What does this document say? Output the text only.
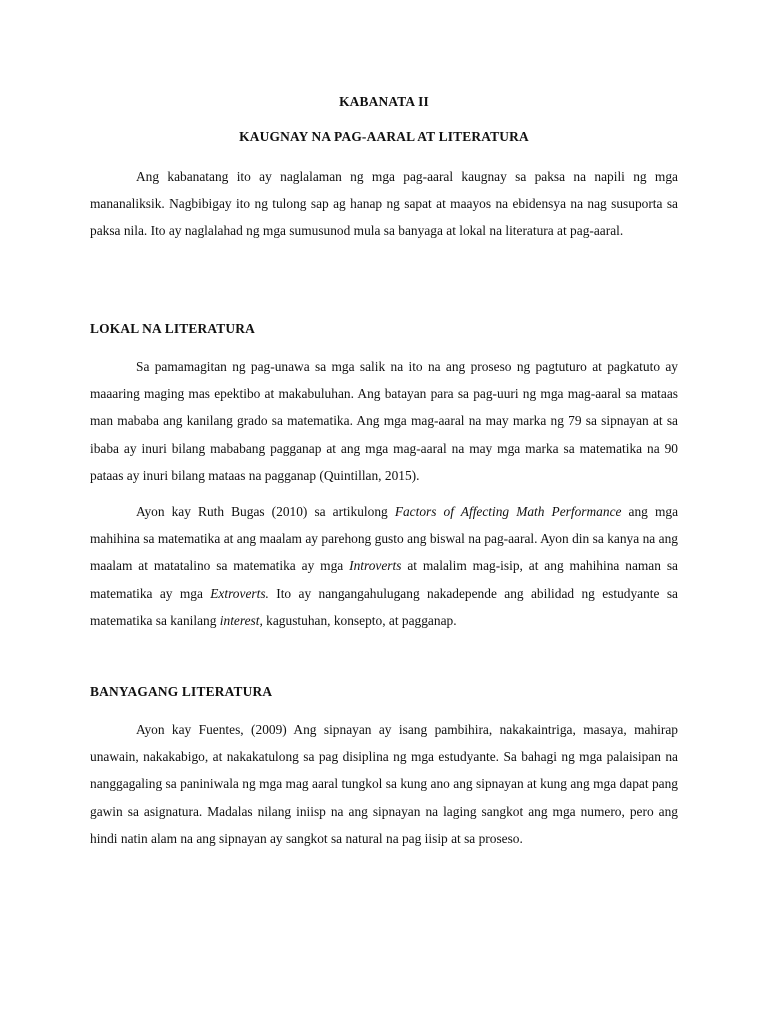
KABANATA II
KAUGNAY NA PAG-AARAL AT LITERATURA

Ang kabanatang ito ay naglalaman ng mga pag-aaral kaugnay sa paksa na napili ng mga mananaliksik. Nagbibigay ito ng tulong sap ag hanap ng sapat at maayos na ebidensya na nag susuporta sa paksa nila. Ito ay naglalahad ng mga sumusunod mula sa banyaga at lokal na literatura at pag-aaral.

LOKAL NA LITERATURA

Sa pamamagitan ng pag-unawa sa mga salik na ito na ang proseso ng pagtuturo at pagkatuto ay maaaring maging mas epektibo at makabuluhan. Ang batayan para sa pag-uuri ng mga mag-aaral sa mataas man mababa ang kanilang grado sa matematika. Ang mga mag-aaral na may marka ng 79 sa sipnayan at sa ibaba ay inuri bilang mababang pagganap at ang mga mag-aaral na may mga marka sa matematika na 90 pataas ay inuri bilang mataas na pagganap (Quintillan, 2015).

Ayon kay Ruth Bugas (2010) sa artikulong Factors of Affecting Math Performance ang mga mahihina sa matematika at ang maalam ay parehong gusto ang biswal na pag-aaral. Ayon din sa kanya na ang maalam at matatalino sa matematika ay mga Introverts at malalim mag-isip, at ang mahihina naman sa matematika ay mga Extroverts. Ito ay nangangahulugang nakadepende ang abilidad ng estudyante sa matematika sa kanilang interest, kagustuhan, konsepto, at pagganap.

BANYAGANG LITERATURA

Ayon kay Fuentes, (2009) Ang sipnayan ay isang pambihira, nakakaintriga, masaya, mahirap unawain, nakakabigo, at nakakatulong sa pag disiplina ng mga estudyante. Sa bahagi ng mga palaisipan na nanggagaling sa paniniwala ng mga mag aaral tungkol sa kung ano ang sipnayan at kung ang mga dapat pang gawin sa asignatura. Madalas nilang iniisp na ang sipnayan na laging sangkot ang mga numero, pero ang hindi natin alam na ang sipnayan ay sangkot sa natural na pag iisip at sa proseso.
